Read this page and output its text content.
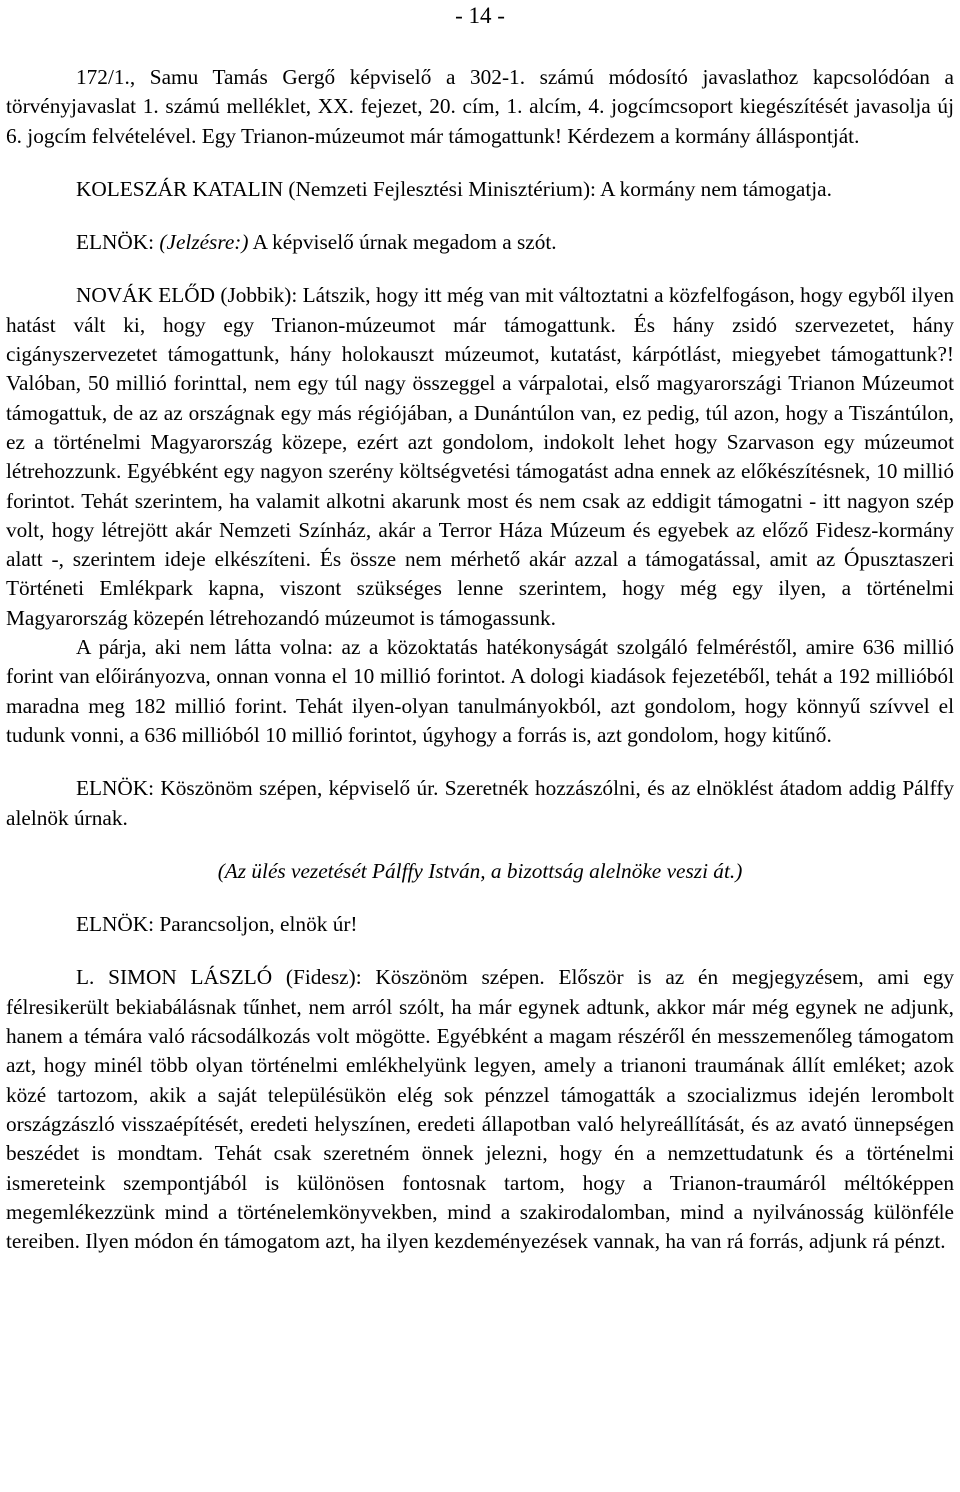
- 14 -

172/1., Samu Tamás Gergő képviselő a 302-1. számú módosító javaslathoz kapcsolódóan a törvényjavaslat 1. számú melléklet, XX. fejezet, 20. cím, 1. alcím, 4. jogcímcsoport kiegészítését javasolja új 6. jogcím felvételével. Egy Trianon-múzeumot már támogattunk! Kérdezem a kormány álláspontját.

KOLESZÁR KATALIN (Nemzeti Fejlesztési Minisztérium): A kormány nem támogatja.

ELNÖK: (Jelzésre:) A képviselő úrnak megadom a szót.

NOVÁK ELŐD (Jobbik): Látszik, hogy itt még van mit változtatni a közfelfogáson, hogy egyből ilyen hatást vált ki, hogy egy Trianon-múzeumot már támogattunk. És hány zsidó szervezetet, hány cigányszervezetet támogattunk, hány holokauszt múzeumot, kutatást, kárpótlást, miegyebet támogattunk?! Valóban, 50 millió forinttal, nem egy túl nagy összeggel a várpalotai, első magyarországi Trianon Múzeumot támogattuk, de az az országnak egy más régiójában, a Dunántúlon van, ez pedig, túl azon, hogy a Tiszántúlon, ez a történelmi Magyarország közepe, ezért azt gondolom, indokolt lehet hogy Szarvason egy múzeumot létrehozzunk. Egyébként egy nagyon szerény költségvetési támogatást adna ennek az előkészítésnek, 10 millió forintot. Tehát szerintem, ha valamit alkotni akarunk most és nem csak az eddigit támogatni - itt nagyon szép volt, hogy létrejött akár Nemzeti Színház, akár a Terror Háza Múzeum és egyebek az előző Fidesz-kormány alatt -, szerintem ideje elkészíteni. És össze nem mérhető akár azzal a támogatással, amit az Ópusztaszeri Történeti Emlékpark kapna, viszont szükséges lenne szerintem, hogy még egy ilyen, a történelmi Magyarország közepén létrehozandó múzeumot is támogassunk.

A párja, aki nem látta volna: az a közoktatás hatékonyságát szolgáló felméréstől, amire 636 millió forint van előirányozva, onnan vonna el 10 millió forintot. A dologi kiadások fejezetéből, tehát a 192 millióból maradna meg 182 millió forint. Tehát ilyen-olyan tanulmányokból, azt gondolom, hogy könnyű szívvel el tudunk vonni, a 636 millióból 10 millió forintot, úgyhogy a forrás is, azt gondolom, hogy kitűnő.

ELNÖK: Köszönöm szépen, képviselő úr. Szeretnék hozzászólni, és az elnöklést átadom addig Pálffy alelnök úrnak.

(Az ülés vezetését Pálffy István, a bizottság alelnöke veszi át.)

ELNÖK: Parancsoljon, elnök úr!

L. SIMON LÁSZLÓ (Fidesz): Köszönöm szépen. Először is az én megjegyzésem, ami egy félresikerült bekiabálásnak tűnhet, nem arról szólt, ha már egynek adtunk, akkor már még egynek ne adjunk, hanem a témára való rácsodálkozás volt mögötte. Egyébként a magam részéről én messzemenőleg támogatom azt, hogy minél több olyan történelmi emlékhelyünk legyen, amely a trianoni traumának állít emléket; azok közé tartozom, akik a saját településükön elég sok pénzzel támogatták a szocializmus idején lerombolt országzászló visszaépítését, eredeti helyszínen, eredeti állapotban való helyreállítását, és az avató ünnepségen beszédet is mondtam. Tehát csak szeretném önnek jelezni, hogy én a nemzettudatunk és a történelmi ismereteink szempontjából is különösen fontosnak tartom, hogy a Trianon-traumáról méltóképpen megemlékezzünk mind a történelemkönyvekben, mind a szakirodalomban, mind a nyilvánosság különféle tereiben. Ilyen módon én támogatom azt, ha ilyen kezdeményezések vannak, ha van rá forrás, adjunk rá pénzt.
